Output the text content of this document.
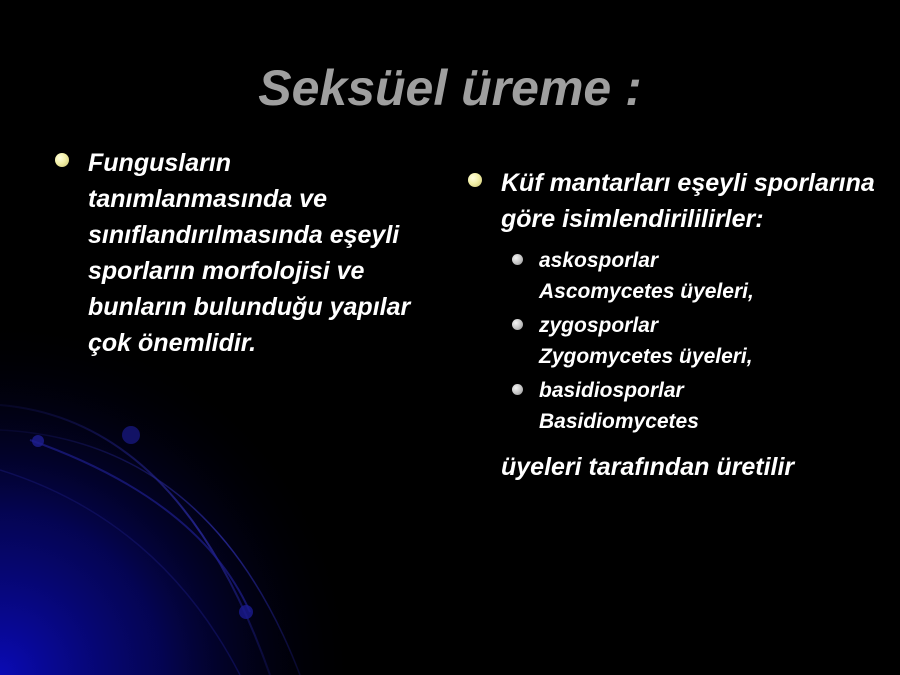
Seksüel üreme :
Fungusların tanımlanmasında ve sınıflandırılmasında eşeyli sporların morfolojisi ve bunların bulunduğu yapılar çok önemlidir.
Küf mantarları eşeyli sporlarına göre isimlendirililirler:
askosporlar
Ascomycetes üyeleri,
zygosporlar
Zygomycetes üyeleri,
basidiosporlar
Basidiomycetes
üyeleri tarafından üretilir
